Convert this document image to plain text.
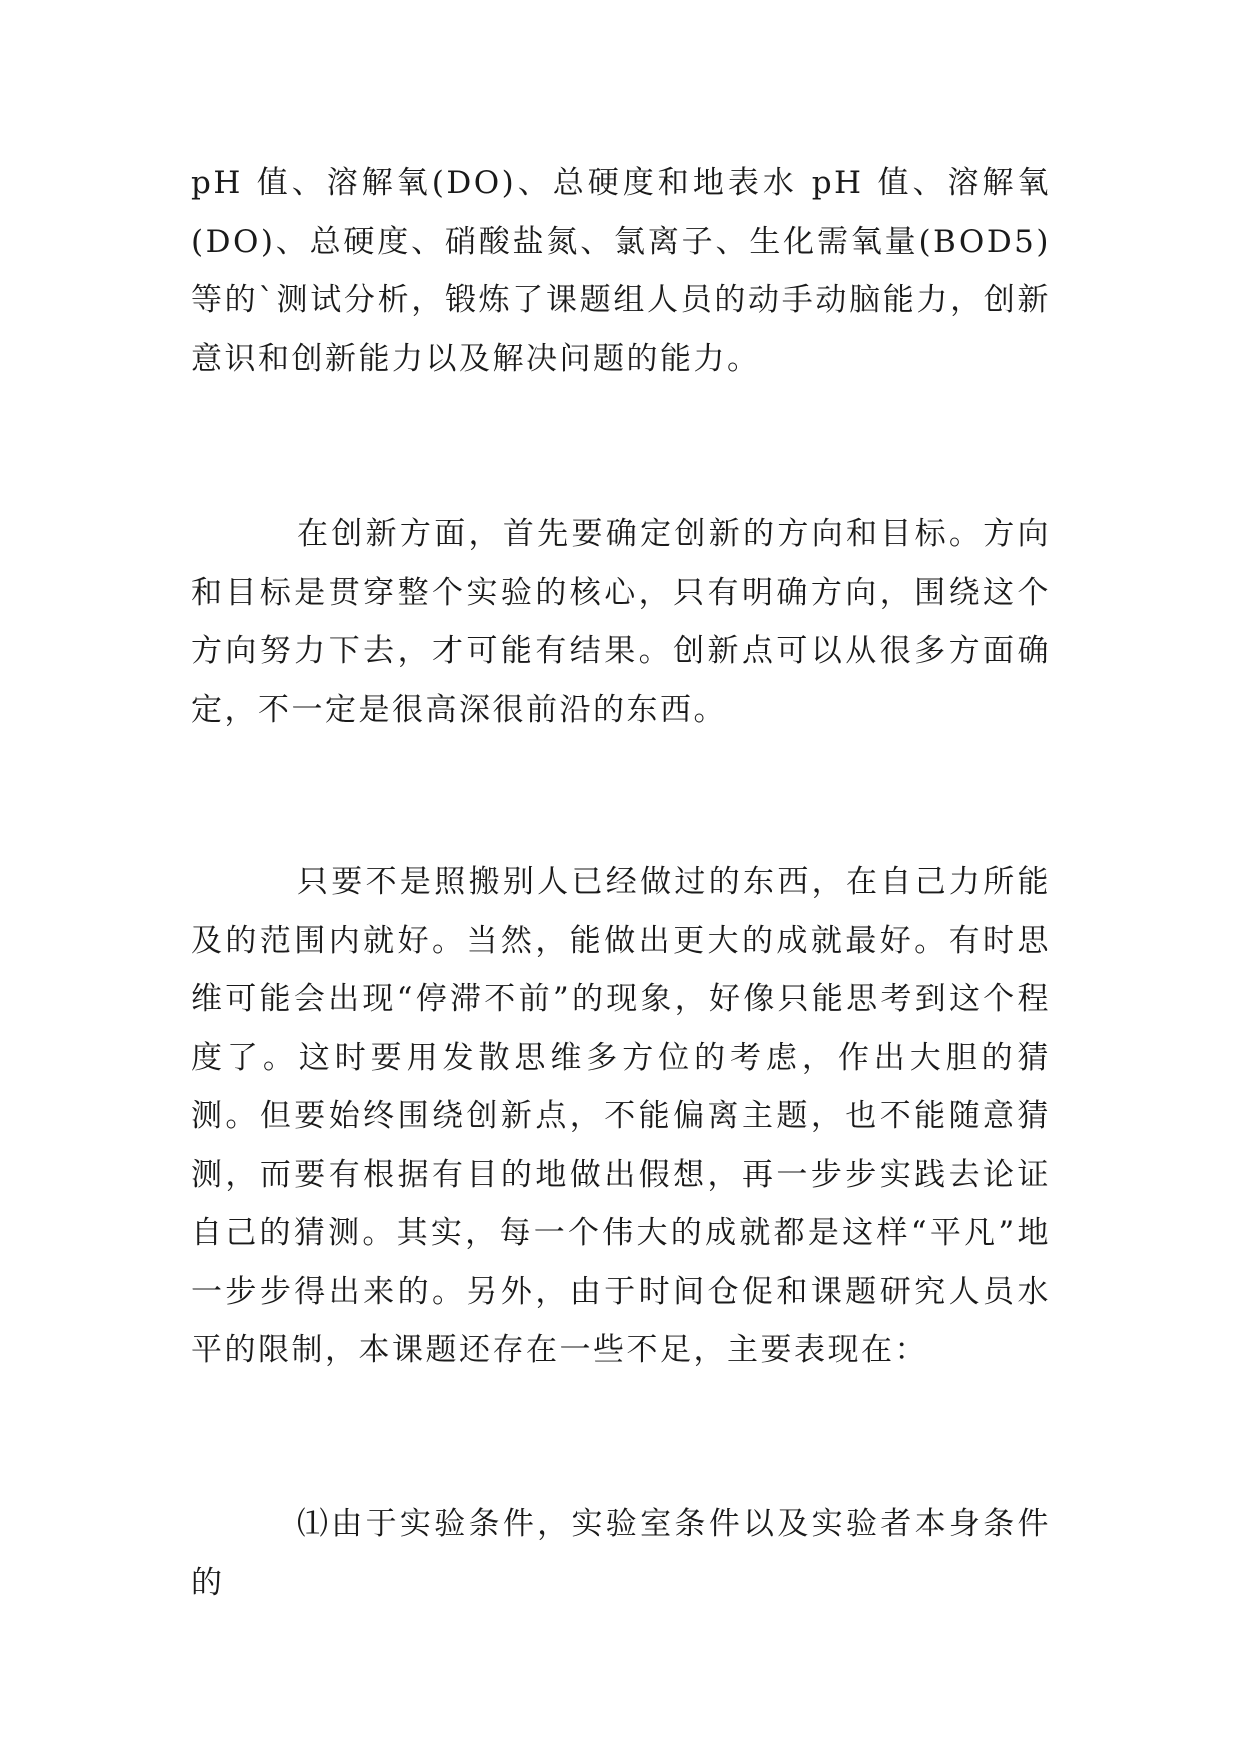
pH 值、溶解氧(DO)、总硬度和地表水 pH 值、溶解氧(DO)、总硬度、硝酸盐氮、氯离子、生化需氧量(BOD5)等的`测试分析，锻炼了课题组人员的动手动脑能力，创新意识和创新能力以及解决问题的能力。

在创新方面，首先要确定创新的方向和目标。方向和目标是贯穿整个实验的核心，只有明确方向，围绕这个方向努力下去，才可能有结果。创新点可以从很多方面确定，不一定是很高深很前沿的东西。

只要不是照搬别人已经做过的东西，在自己力所能及的范围内就好。当然，能做出更大的成就最好。有时思维可能会出现“停滞不前”的现象，好像只能思考到这个程度了。这时要用发散思维多方位的考虑，作出大胆的猜测。但要始终围绕创新点，不能偏离主题，也不能随意猜测，而要有根据有目的地做出假想，再一步步实践去论证自己的猜测。其实，每一个伟大的成就都是这样“平凡”地一步步得出来的。另外，由于时间仓促和课题研究人员水平的限制，本课题还存在一些不足，主要表现在：

⑴由于实验条件，实验室条件以及实验者本身条件的
